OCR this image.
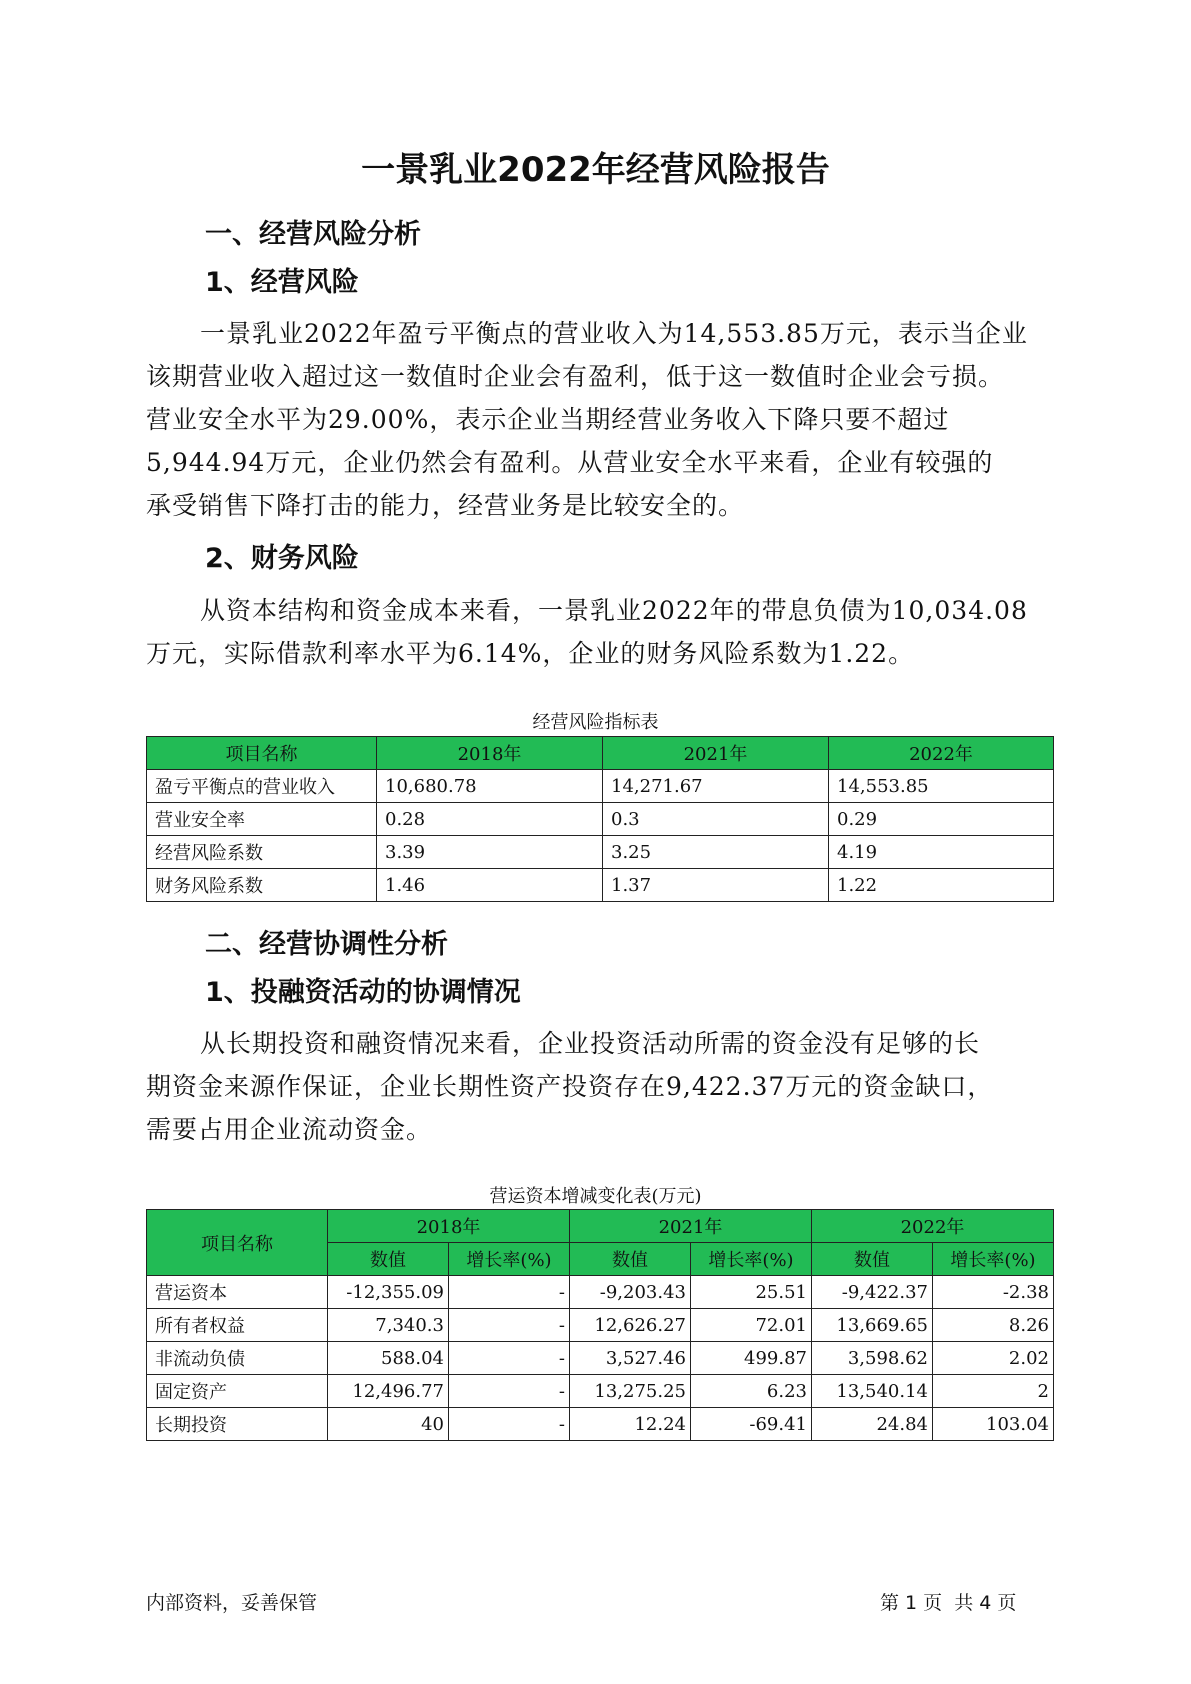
一景乳业2022年经营风险报告
一、经营风险分析
1、经营风险
一景乳业2022年盈亏平衡点的营业收入为14,553.85万元，表示当企业
该期营业收入超过这一数值时企业会有盈利，低于这一数值时企业会亏损。
营业安全水平为29.00%，表示企业当期经营业务收入下降只要不超过
5,944.94万元，企业仍然会有盈利。从营业安全水平来看，企业有较强的
承受销售下降打击的能力，经营业务是比较安全的。
2、财务风险
从资本结构和资金成本来看，一景乳业2022年的带息负债为10,034.08
万元，实际借款利率水平为6.14%，企业的财务风险系数为1.22。
经营风险指标表
项目名称	2018年	2021年	2022年
盈亏平衡点的营业收入	10,680.78	14,271.67	14,553.85
营业安全率	0.28	0.3	0.29
经营风险系数	3.39	3.25	4.19
财务风险系数	1.46	1.37	1.22
二、经营协调性分析
1、投融资活动的协调情况
从长期投资和融资情况来看，企业投资活动所需的资金没有足够的长
期资金来源作保证，企业长期性资产投资存在9,422.37万元的资金缺口，
需要占用企业流动资金。
营运资本增减变化表(万元)
项目名称	2018年		2021年		2022年	
	数值	增长率(%)	数值	增长率(%)	数值	增长率(%)
营运资本	-12,355.09	-	-9,203.43	25.51	-9,422.37	-2.38
所有者权益	7,340.3	-	12,626.27	72.01	13,669.65	8.26
非流动负债	588.04	-	3,527.46	499.87	3,598.62	2.02
固定资产	12,496.77	-	13,275.25	6.23	13,540.14	2
长期投资	40	-	12.24	-69.41	24.84	103.04
内部资料，妥善保管	第 1 页  共 4 页
